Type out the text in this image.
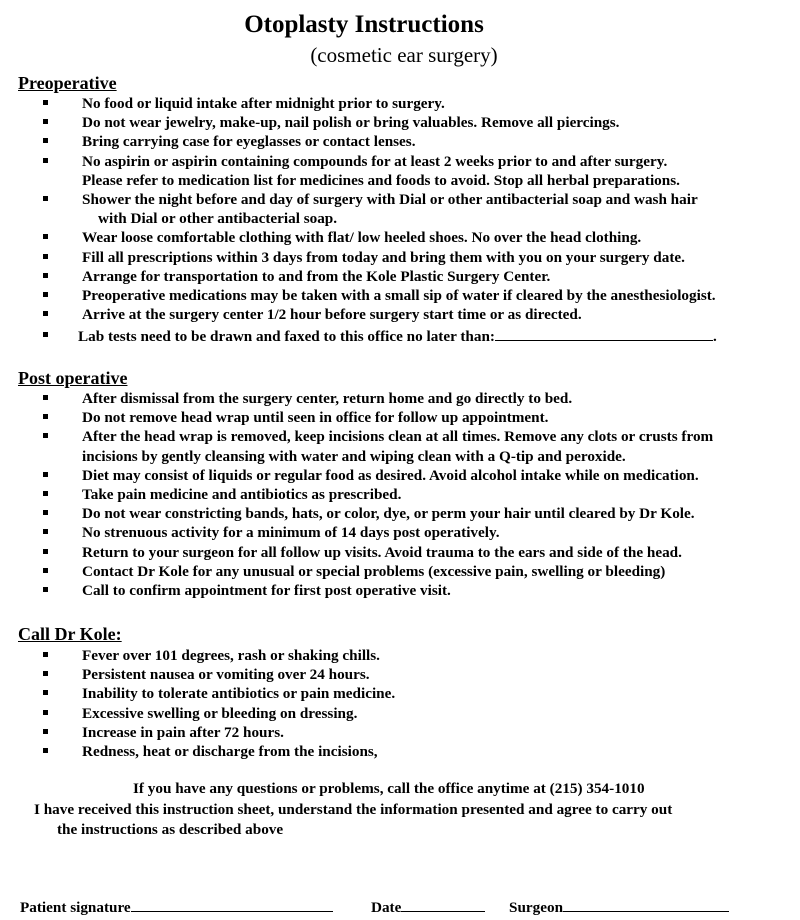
Otoplasty Instructions
(cosmetic ear surgery)
Preoperative
No food or liquid intake after midnight prior to surgery.
Do not wear jewelry, make-up, nail polish or bring valuables. Remove all piercings.
Bring carrying case for eyeglasses or contact lenses.
No aspirin or aspirin containing compounds for at least 2 weeks prior to and after surgery.
Please refer to medication list for medicines and foods to avoid. Stop all herbal preparations.
Shower the night before and day of surgery with Dial or other antibacterial soap and wash hair
with Dial or other antibacterial soap.
Wear loose comfortable clothing with flat/ low heeled shoes. No over the head clothing.
Fill all prescriptions within 3 days from today and bring them with you on your surgery date.
Arrange for transportation to and from the Kole Plastic Surgery Center.
Preoperative medications may be taken with a small sip of water if cleared by the anesthesiologist.
Arrive at the surgery center 1/2 hour before surgery start time or as directed.
Lab tests need to be drawn and faxed to this office no later than:	.
Post operative
After dismissal from the surgery center, return home and go directly to bed.
Do not remove head wrap until seen in office for follow up appointment.
After the head wrap is removed, keep incisions clean at all times. Remove any clots or crusts from
incisions by gently cleansing with water and wiping clean with a Q-tip and peroxide.
Diet may consist of liquids or regular food as desired. Avoid alcohol intake while on medication.
Take pain medicine and antibiotics as prescribed.
Do not wear constricting bands, hats, or color, dye, or perm your hair until cleared by Dr Kole.
No strenuous activity for a minimum of 14 days post operatively.
Return to your surgeon for all follow up visits. Avoid trauma to the ears and side of the head.
Contact Dr Kole for any unusual or special problems (excessive pain, swelling or bleeding)
Call to confirm appointment for first post operative visit.
Call Dr Kole:
Fever over 101 degrees, rash or shaking chills.
Persistent nausea or vomiting over 24 hours.
Inability to tolerate antibiotics or pain medicine.
Excessive swelling or bleeding on dressing.
Increase in pain after 72 hours.
Redness, heat or discharge from the incisions,
If you have any questions or problems, call the office anytime at (215) 354-1010
I have received this instruction sheet, understand the information presented and agree to carry out
the instructions as described above
Patient signature	Date	Surgeon
